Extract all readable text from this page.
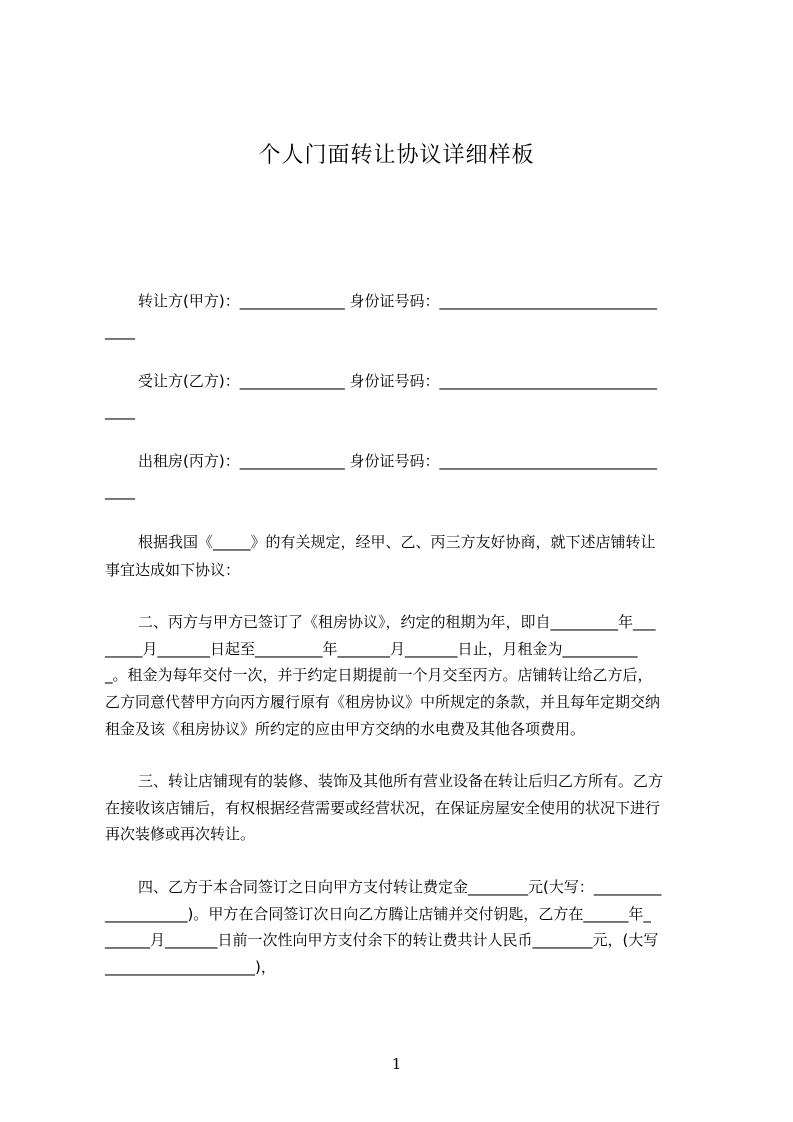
个人门面转让协议详细样板
转让方(甲方)：______________ 身份证号码：_____________________________
____
受让方(乙方)：______________ 身份证号码：_____________________________
____
出租房(丙方)：______________ 身份证号码：_____________________________
____
根据我国《_____》的有关规定，经甲、乙、丙三方友好协商，就下述店铺转让
事宜达成如下协议：
二、丙方与甲方已签订了《租房协议》，约定的租期为年，即自_________年___
_____月_______日起至_________年_______月_______日止，月租金为__________
_。租金为每年交付一次，并于约定日期提前一个月交至丙方。店铺转让给乙方后，
乙方同意代替甲方向丙方履行原有《租房协议》中所规定的条款，并且每年定期交纳
租金及该《租房协议》所约定的应由甲方交纳的水电费及其他各项费用。
三、转让店铺现有的装修、装饰及其他所有营业设备在转让后归乙方所有。乙方
在接收该店铺后，有权根据经营需要或经营状况，在保证房屋安全使用的状况下进行
再次装修或再次转让。
四、乙方于本合同签订之日向甲方支付转让费定金________元(大写：_________
___________)。甲方在合同签订次日向乙方腾让店铺并交付钥匙，乙方在______年_
______月_______日前一次性向甲方支付余下的转让费共计人民币________元，(大写
____________________)，
1
